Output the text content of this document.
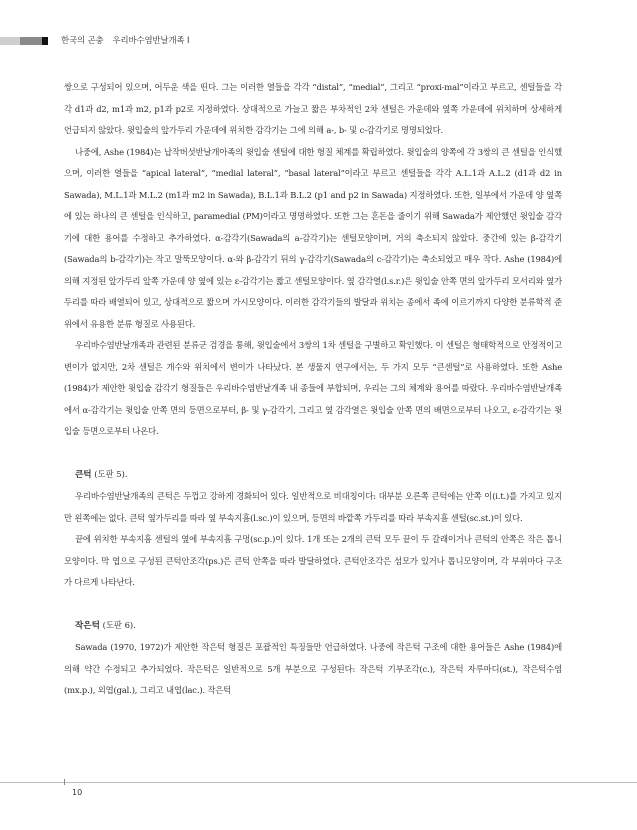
한국의 곤충 우리바수염반날개족 I

쌍으로 구성되어 있으며, 어두운 색을 띤다. 그는 이러한 열들을 각각 “distal”, “medial”, 그리고 “proxi-mal”이라고 부르고, 센털들을 각각 d1과 d2, m1과 m2, p1과 p2로 지정하였다. 상대적으로 가늘고 짧은 부차적인 2차 센털은 가운데와 옆쪽 가운데에 위치하며 상세하게 언급되지 않았다. 윗입술의 앞가두리 가운데에 위치한 감각기는 그에 의해 a-, b- 및 c-감각기로 명명되었다.

나중에, Ashe (1984)는 납작버섯반날개아족의 윗입술 센털에 대한 형질 체계를 확립하였다. 윗입술의 양쪽에 각 3쌍의 큰 센털을 인식했으며, 이러한 열들을 “apical lateral”, “medial lateral”, “basal lateral”이라고 부르고 센털들을 각각 A.L.1과 A.L.2 (d1과 d2 in Sawada), M.L.1과 M.L.2 (m1과 m2 in Sawada), B.L.1과 B.L.2 (p1 and p2 in Sawada) 지정하였다. 또한, 일부에서 가운데 양 옆쪽에 있는 하나의 큰 센털을 인식하고, paramedial (PM)이라고 명명하였다. 또한 그는 혼돈을 줄이기 위해 Sawada가 제안했던 윗입술 감각기에 대한 용어를 수정하고 추가하였다. α-감각기(Sawada의 a-감각기)는 센털모양이며, 거의 축소되지 않았다. 중간에 있는 β-감각기(Sawada의 b-감각기)는 작고 말뚝모양이다. α-와 β-감각기 뒤의 γ-감각기(Sawada의 c-감각기)는 축소되었고 매우 작다. Ashe (1984)에 의해 지정된 앞가두리 앞쪽 가운데 양 옆에 있는 ε-감각기는 짧고 센털모양이다. 옆 감각열(l.s.r.)은 윗입술 안쪽 면의 앞가두리 모서리와 옆가두리를 따라 배열되어 있고, 상대적으로 짧으며 가시모양이다. 이러한 감각기들의 발달과 위치는 종에서 족에 이르기까지 다양한 분류학적 준위에서 유용한 분류 형질로 사용된다.

우리바수염반날개족과 관련된 분류군 검경을 통해, 윗입술에서 3쌍의 1차 센털을 구별하고 확인했다. 이 센털은 형태학적으로 안정적이고 변이가 없지만, 2차 센털은 개수와 위치에서 변이가 나타났다. 본 생물지 연구에서는, 두 가지 모두 “큰센털”로 사용하였다. 또한 Ashe (1984)가 제안한 윗입술 감각기 형질들은 우리바수염반날개족 내 종들에 부합되며, 우리는 그의 체계와 용어를 따랐다. 우리바수염반날개족에서 α-감각기는 윗입술 안쪽 면의 등면으로부터, β- 및 γ-감각기, 그리고 옆 감각열은 윗입술 안쪽 면의 배면으로부터 나오고, ε-감각기는 윗입술 등면으로부터 나온다.

큰턱 (도판 5).

우리바수염반날개족의 큰턱은 두껍고 강하게 경화되어 있다. 일반적으로 비대칭이다: 대부분 오른쪽 큰턱에는 안쪽 이(i.t.)를 가지고 있지만 왼쪽에는 없다. 큰턱 옆가두리를 따라 옆 부속지흠(l.sc.)이 있으며, 등면의 바깥쪽 가두리를 따라 부속지흠 센털(sc.st.)이 있다.

끝에 위치한 부속지흠 센털의 옆에 부속지흠 구멍(sc.p.)이 있다. 1개 또는 2개의 큰턱 모두 끝이 두 갈래이거나 큰턱의 안쪽은 작은 톱니모양이다. 막 엽으로 구성된 큰턱안조각(ps.)은 큰턱 안쪽을 따라 발달하였다. 큰턱안조각은 섬모가 있거나 톱니모양이며, 각 부위마다 구조가 다르게 나타난다.

작은턱 (도판 6).

Sawada (1970, 1972)가 제안한 작은턱 형질은 포괄적인 특징들만 언급하였다. 나중에 작은턱 구조에 대한 용어들은 Ashe (1984)에 의해 약간 수정되고 추가되었다. 작은턱은 일반적으로 5개 부분으로 구성된다: 작은턱 기부조각(c.), 작은턱 자루마디(st.), 작은턱수염(mx.p.), 외엽(gal.), 그리고 내엽(lac.). 작은턱

10
